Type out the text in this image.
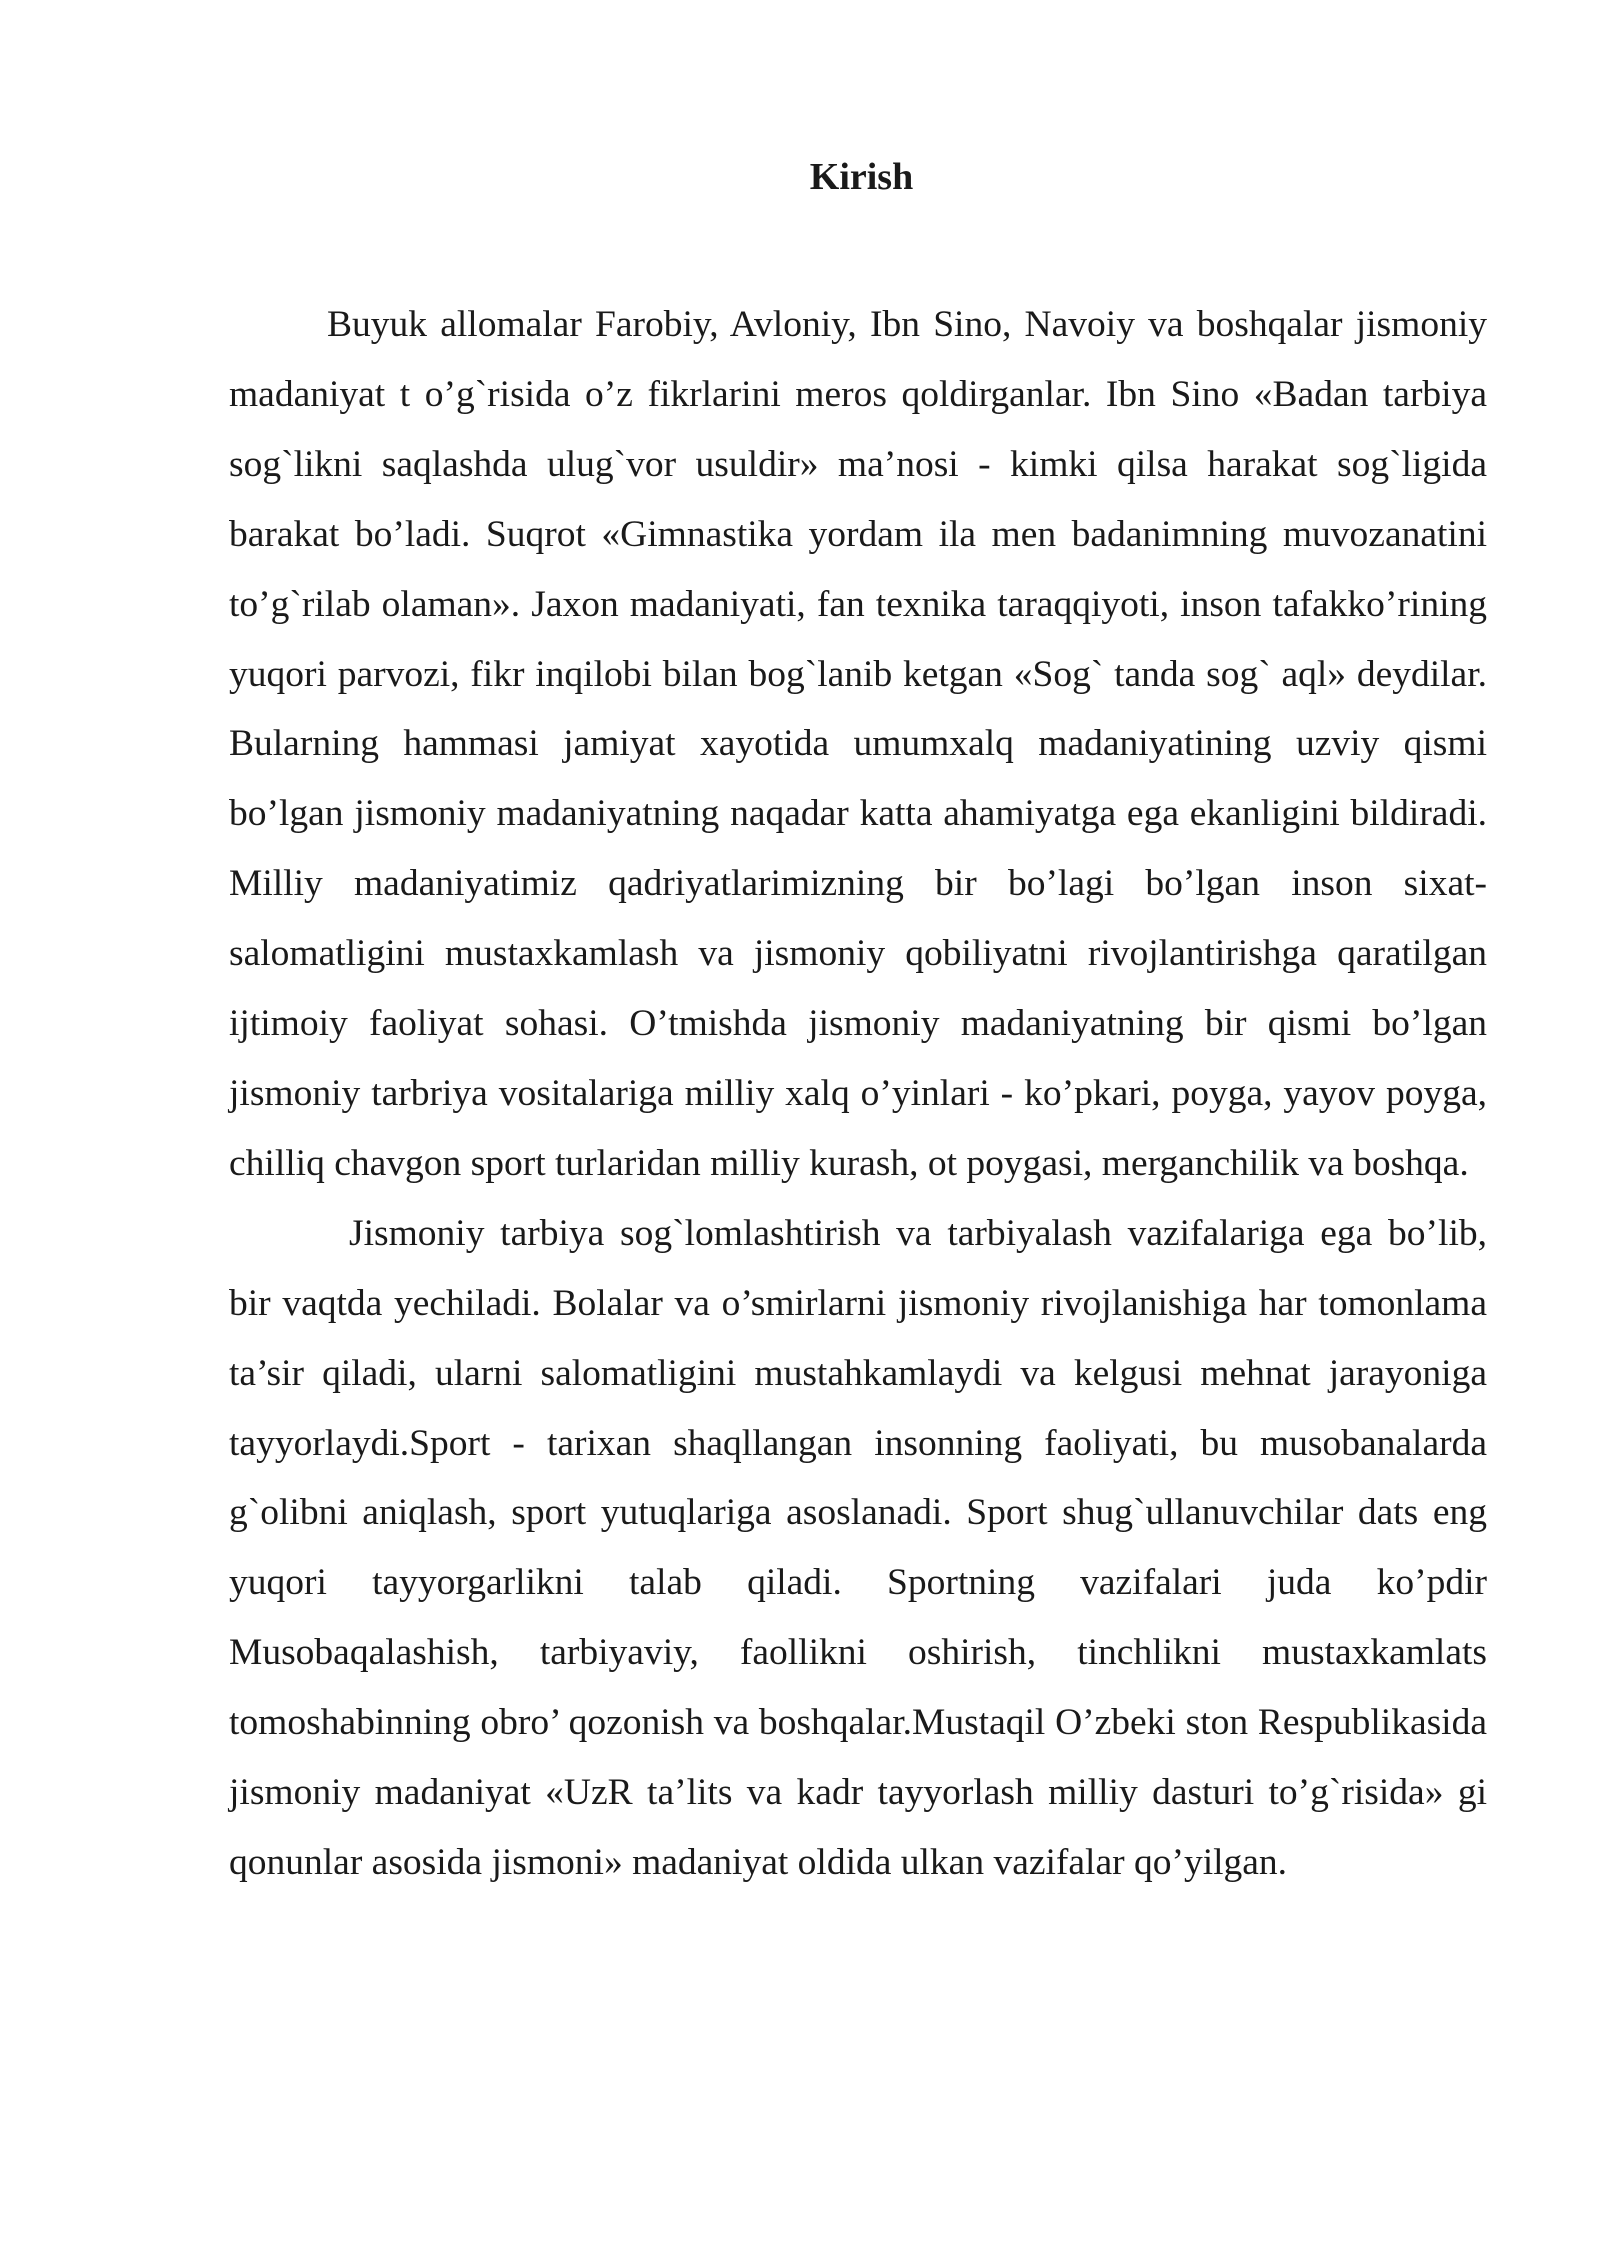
Kirish

Buyuk allomalar Farobiy, Avloniy, Ibn Sino, Navoiy va boshqalar jismoniy madaniyat t o’g`risida o’z fikrlarini meros qoldirganlar. Ibn Sino «Badan tarbiya sog`likni saqlashda ulug`vor usuldir» ma’nosi - kimki qilsa harakat sog`ligida barakat bo’ladi. Suqrot «Gimnastika yordam ila men badanimning muvozanatini to’g`rilab olaman». Jaxon madaniyati, fan texnika taraqqiyoti, inson tafakko’rining yuqori parvozi, fikr inqilobi bilan bog`lanib ketgan «Sog` tanda sog` aql» deydilar. Bularning hammasi jamiyat xayotida umumxalq madaniyatining uzviy qismi bo’lgan jismoniy madaniyatning naqadar katta ahamiyatga ega ekanligini bildiradi. Milliy madaniyatimiz qadriyatlarimizning bir bo’lagi bo’lgan inson sixat-salomatligini mustaxkamlash va jismoniy qobiliyatni rivojlantirishga qaratilgan ijtimoiy faoliyat sohasi. O’tmishda jismoniy madaniyatning bir qismi bo’lgan jismoniy tarbriya vositalariga milliy xalq o’yinlari - ko’pkari, poyga, yayov poyga, chilliq chavgon sport turlaridan milliy kurash, ot poygasi, merganchilik va boshqa.

Jismoniy tarbiya sog`lomlashtirish va tarbiyalash vazifalariga ega bo’lib, bir vaqtda yechiladi. Bolalar va o’smirlarni jismoniy rivojlanishiga har tomonlama ta’sir qiladi, ularni salomatligini mustahkamlaydi va kelgusi mehnat jarayoniga tayyorlaydi.Sport - tarixan shaqllangan insonning faoliyati, bu musobanalarda g`olibni aniqlash, sport yutuqlariga asoslanadi. Sport shug`ullanuvchilar dats eng yuqori tayyorgarlikni talab qiladi. Sportning vazifalari juda ko’pdir Musobaqalashish, tarbiyaviy, faollikni oshirish, tinchlikni mustaxkamlats tomoshabinning obro’ qozonish va boshqalar.Mustaqil O’zbeki ston Respublikasida jismoniy madaniyat «UzR ta’lits va kadr tayyorlash milliy dasturi to’g`risida» gi qonunlar asosida jismoni» madaniyat oldida ulkan vazifalar qo’yilgan.
